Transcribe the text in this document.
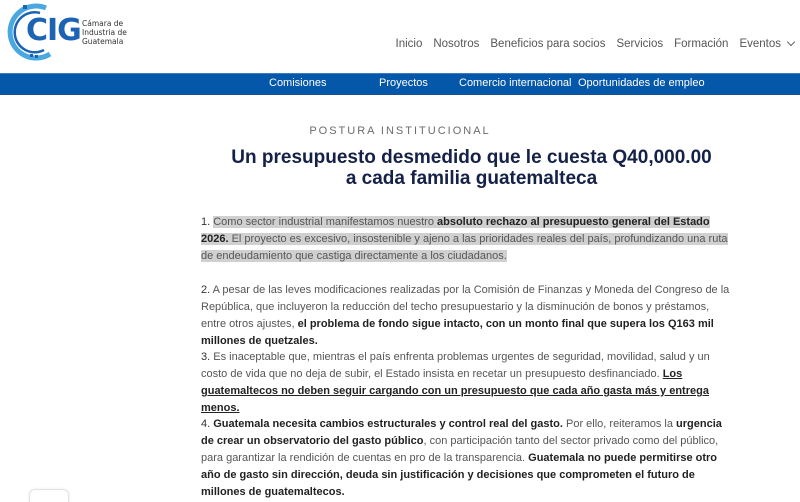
CIG Cámara de
Industria de
Guatemala	Inicio Nosotros Beneficios para socios Servicios Formación Eventos
Comisiones	Proyectos	Comercio internacional Oportunidades de empleo
POSTURA INSTITUCIONAL
Un presupuesto desmedido que le cuesta Q40,000.00
a cada familia guatemalteca

1. Como sector industrial manifestamos nuestro absoluto rechazo al presupuesto general del Estado 2026. El proyecto es excesivo, insostenible y ajeno a las prioridades reales del país, profundizando una ruta de endeudamiento que castiga directamente a los ciudadanos.

2. A pesar de las leves modificaciones realizadas por la Comisión de Finanzas y Moneda del Congreso de la República, que incluyeron la reducción del techo presupuestario y la disminución de bonos y préstamos, entre otros ajustes, el problema de fondo sigue intacto, con un monto final que supera los Q163 mil millones de quetzales.

3. Es inaceptable que, mientras el país enfrenta problemas urgentes de seguridad, movilidad, salud y un costo de vida que no deja de subir, el Estado insista en recetar un presupuesto desfinanciado. Los guatemaltecos no deben seguir cargando con un presupuesto que cada año gasta más y entrega menos.

4. Guatemala necesita cambios estructurales y control real del gasto. Por ello, reiteramos la urgencia de crear un observatorio del gasto público, con participación tanto del sector privado como del público, para garantizar la rendición de cuentas en pro de la transparencia. Guatemala no puede permitirse otro año de gasto sin dirección, deuda sin justificación y decisiones que comprometen el futuro de millones de guatemaltecos.
